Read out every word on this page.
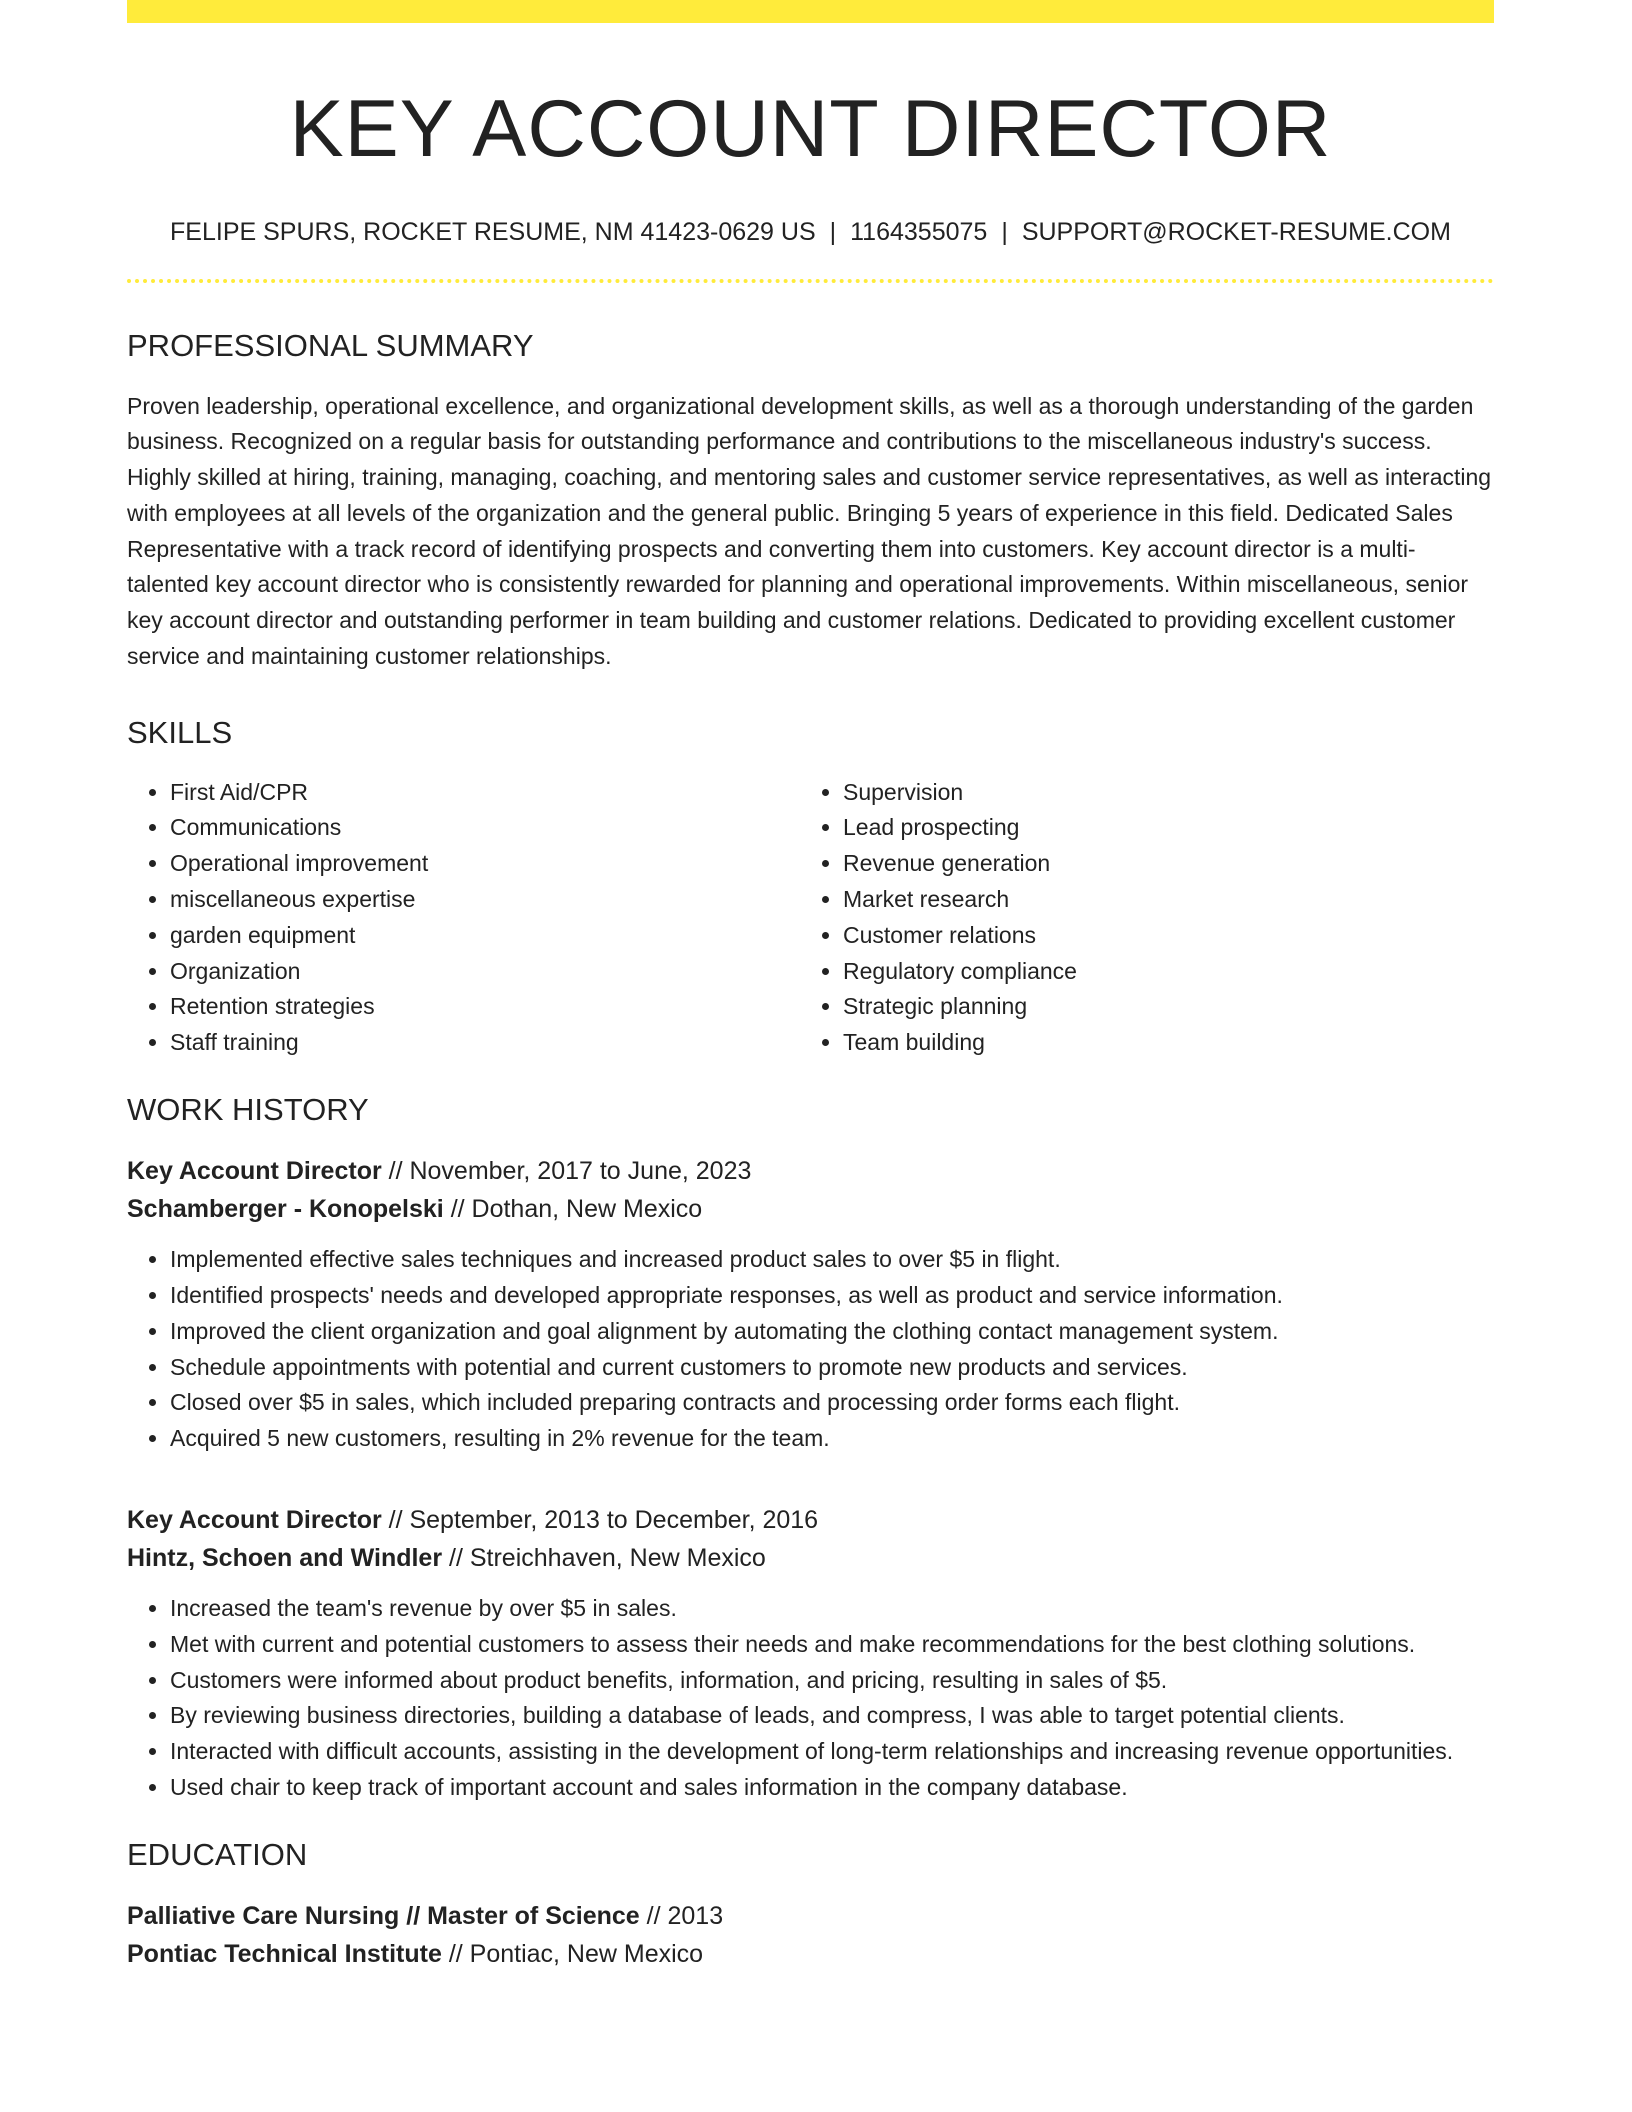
KEY ACCOUNT DIRECTOR
FELIPE SPURS, ROCKET RESUME, NM 41423-0629 US | 1164355075 | SUPPORT@ROCKET-RESUME.COM
PROFESSIONAL SUMMARY
Proven leadership, operational excellence, and organizational development skills, as well as a thorough understanding of the garden business. Recognized on a regular basis for outstanding performance and contributions to the miscellaneous industry's success. Highly skilled at hiring, training, managing, coaching, and mentoring sales and customer service representatives, as well as interacting with employees at all levels of the organization and the general public. Bringing 5 years of experience in this field. Dedicated Sales Representative with a track record of identifying prospects and converting them into customers. Key account director is a multi-talented key account director who is consistently rewarded for planning and operational improvements. Within miscellaneous, senior key account director and outstanding performer in team building and customer relations. Dedicated to providing excellent customer service and maintaining customer relationships.
SKILLS
• First Aid/CPR
• Communications
• Operational improvement
• miscellaneous expertise
• garden equipment
• Organization
• Retention strategies
• Staff training
• Supervision
• Lead prospecting
• Revenue generation
• Market research
• Customer relations
• Regulatory compliance
• Strategic planning
• Team building
WORK HISTORY
Key Account Director // November, 2017 to June, 2023
Schamberger - Konopelski // Dothan, New Mexico
• Implemented effective sales techniques and increased product sales to over $5 in flight.
• Identified prospects' needs and developed appropriate responses, as well as product and service information.
• Improved the client organization and goal alignment by automating the clothing contact management system.
• Schedule appointments with potential and current customers to promote new products and services.
• Closed over $5 in sales, which included preparing contracts and processing order forms each flight.
• Acquired 5 new customers, resulting in 2% revenue for the team.
Key Account Director // September, 2013 to December, 2016
Hintz, Schoen and Windler // Streichhaven, New Mexico
• Increased the team's revenue by over $5 in sales.
• Met with current and potential customers to assess their needs and make recommendations for the best clothing solutions.
• Customers were informed about product benefits, information, and pricing, resulting in sales of $5.
• By reviewing business directories, building a database of leads, and compress, I was able to target potential clients.
• Interacted with difficult accounts, assisting in the development of long-term relationships and increasing revenue opportunities.
• Used chair to keep track of important account and sales information in the company database.
EDUCATION
Palliative Care Nursing // Master of Science // 2013
Pontiac Technical Institute // Pontiac, New Mexico
